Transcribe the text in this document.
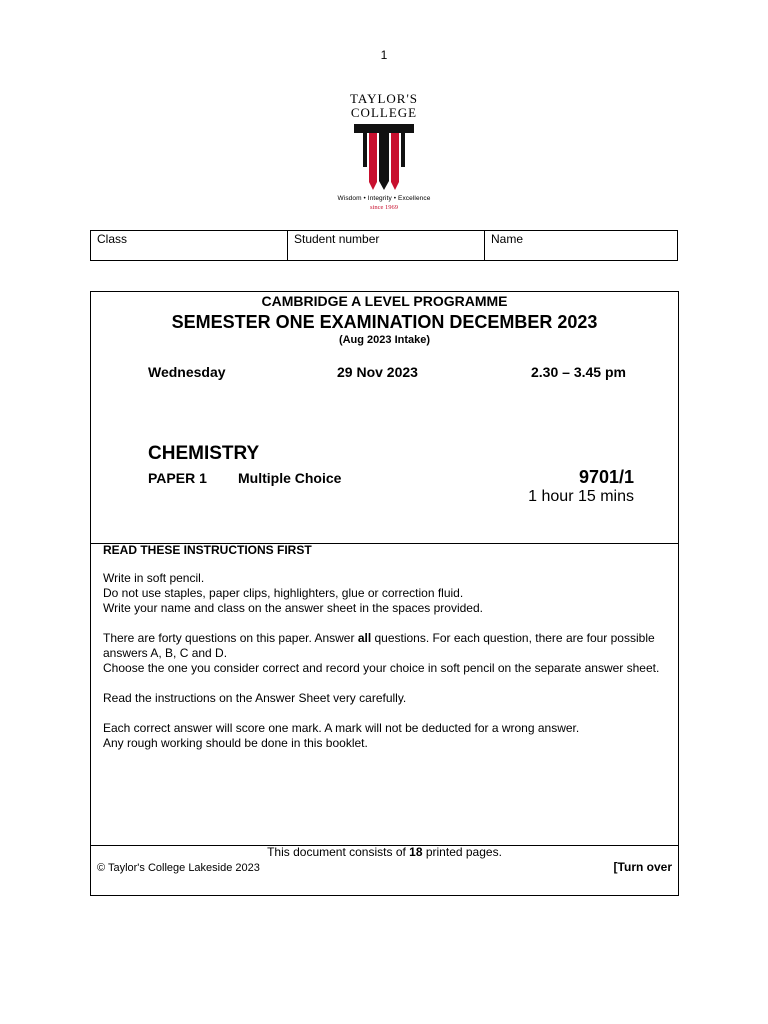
1
TAYLOR'S
COLLEGE
Wisdom • Integrity • Excellence
since 1969
Class	Student number	Name
CAMBRIDGE A LEVEL PROGRAMME
SEMESTER ONE EXAMINATION DECEMBER 2023
(Aug 2023 Intake)
Wednesday	29 Nov 2023	2.30 – 3.45 pm
CHEMISTRY
PAPER 1 Multiple Choice	9701/1
1 hour 15 mins
READ THESE INSTRUCTIONS FIRST
Write in soft pencil.
Do not use staples, paper clips, highlighters, glue or correction fluid.
Write your name and class on the answer sheet in the spaces provided.
There are forty questions on this paper. Answer all questions. For each question, there are four possible answers A, B, C and D.
Choose the one you consider correct and record your choice in soft pencil on the separate answer sheet.
Read the instructions on the Answer Sheet very carefully.
Each correct answer will score one mark. A mark will not be deducted for a wrong answer.
Any rough working should be done in this booklet.
This document consists of 18 printed pages.
© Taylor's College Lakeside 2023	[Turn over
